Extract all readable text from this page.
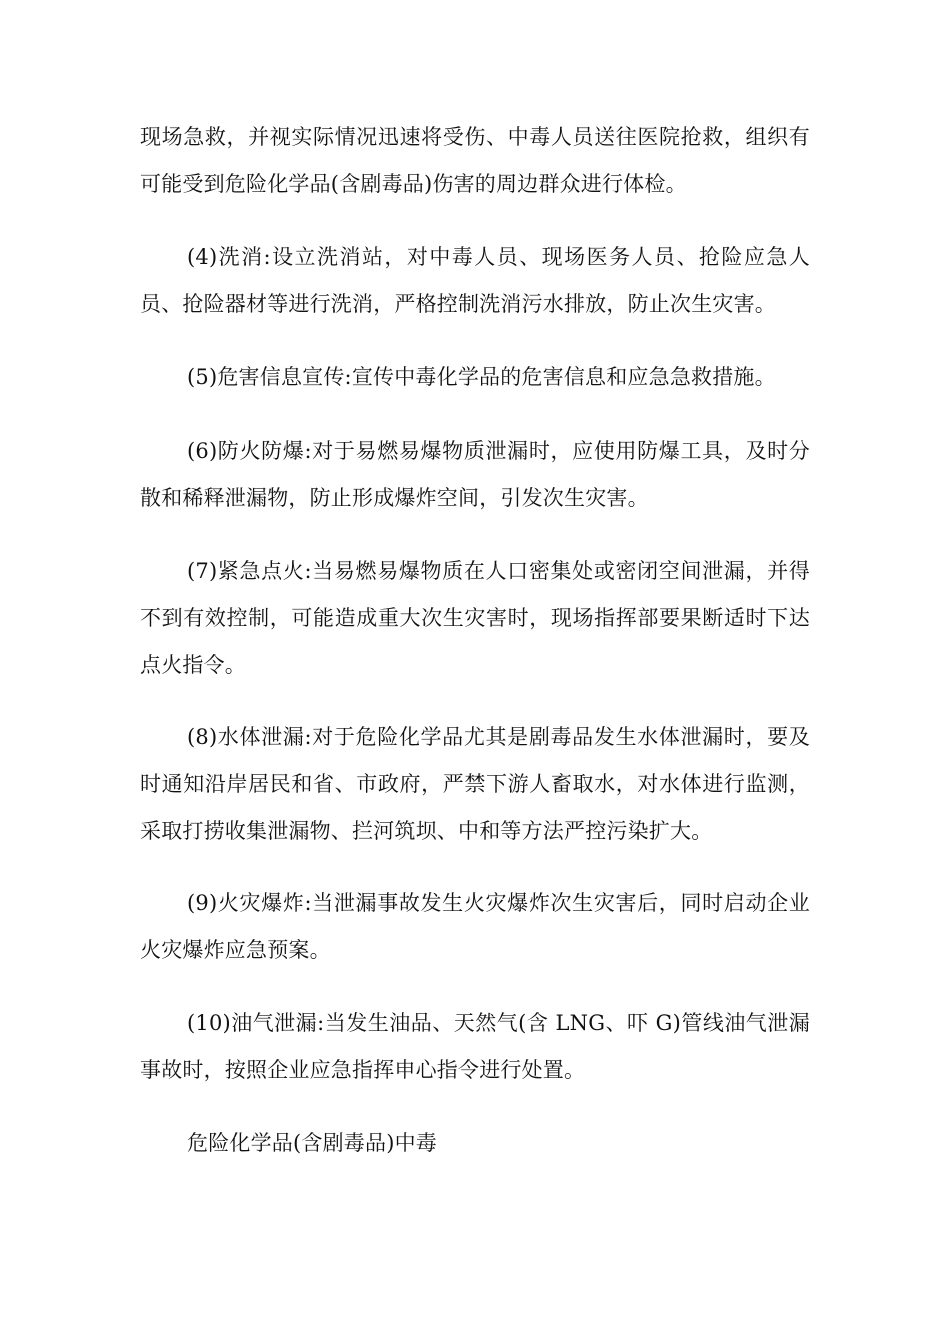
现场急救，并视实际情况迅速将受伤、中毒人员送往医院抢救，组织有可能受到危险化学品(含剧毒品)伤害的周边群众进行体检。

(4)洗消:设立洗消站，对中毒人员、现场医务人员、抢险应急人员、抢险器材等进行洗消，严格控制洗消污水排放，防止次生灾害。

(5)危害信息宣传:宣传中毒化学品的危害信息和应急急救措施。

(6)防火防爆:对于易燃易爆物质泄漏时，应使用防爆工具，及时分散和稀释泄漏物，防止形成爆炸空间，引发次生灾害。

(7)紧急点火:当易燃易爆物质在人口密集处或密闭空间泄漏，并得不到有效控制，可能造成重大次生灾害时，现场指挥部要果断适时下达点火指令。

(8)水体泄漏:对于危险化学品尤其是剧毒品发生水体泄漏时，要及时通知沿岸居民和省、市政府，严禁下游人畜取水，对水体进行监测，采取打捞收集泄漏物、拦河筑坝、中和等方法严控污染扩大。

(9)火灾爆炸:当泄漏事故发生火灾爆炸次生灾害后，同时启动企业火灾爆炸应急预案。

(10)油气泄漏:当发生油品、天然气(含 LNG、吓 G)管线油气泄漏事故时，按照企业应急指挥申心指令进行处置。

危险化学品(含剧毒品)中毒
